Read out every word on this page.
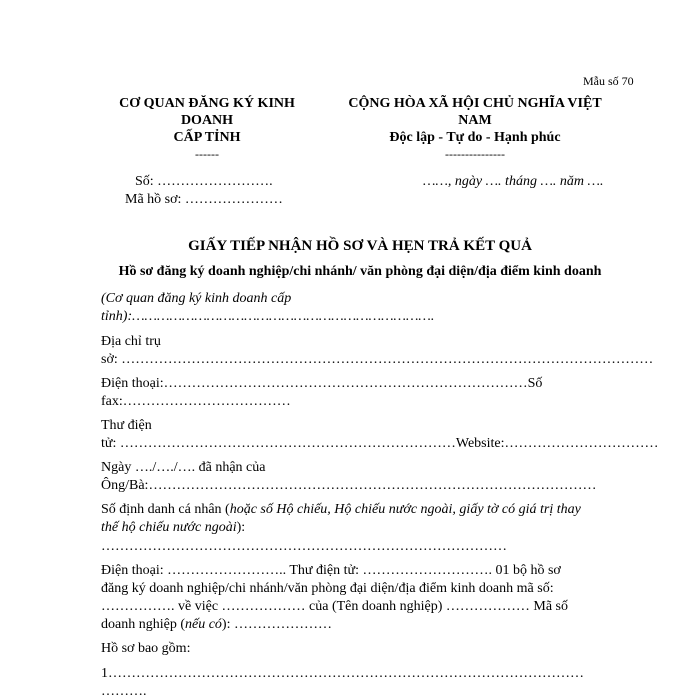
Mẫu số 70
CƠ QUAN ĐĂNG KÝ KINH
DOANH
CẤP TỈNH
------
CỘNG HÒA XÃ HỘI CHỦ NGHĨA VIỆT
NAM
Độc lập - Tự do - Hạnh phúc
---------------
Số: …………………….
Mã hồ sơ: …………………
……, ngày …. tháng …. năm ….
GIẤY TIẾP NHẬN HỒ SƠ VÀ HẸN TRẢ KẾT QUẢ
Hồ sơ đăng ký doanh nghiệp/chi nhánh/ văn phòng đại diện/địa điểm kinh doanh
(Cơ quan đăng ký kinh doanh cấp
tỉnh):……………………………………………………………….
Địa chỉ trụ
sở: ……………………………………………………………………………………………………
Điện thoại:……………………………………………………………………Số
fax:………………………………
Thư điện
tử: ………………………………………………………………Website:……………………………
Ngày …./…./…. đã nhận của
Ông/Bà:……………………………………………………………………………………
Số định danh cá nhân (hoặc số Hộ chiếu, Hộ chiếu nước ngoài, giấy tờ có giá trị thay
thế hộ chiếu nước ngoài):
……………………………………………………………………………
Điện thoại: …………………….. Thư điện tử: ………………………. 01 bộ hồ sơ
đăng ký doanh nghiệp/chi nhánh/văn phòng đại diện/địa điểm kinh doanh mã số:
……………. về việc ……………… của (Tên doanh nghiệp) ……………… Mã số
doanh nghiệp (nếu có): …………………
Hồ sơ bao gồm:
1…………………………………………………………………………………………
……….
